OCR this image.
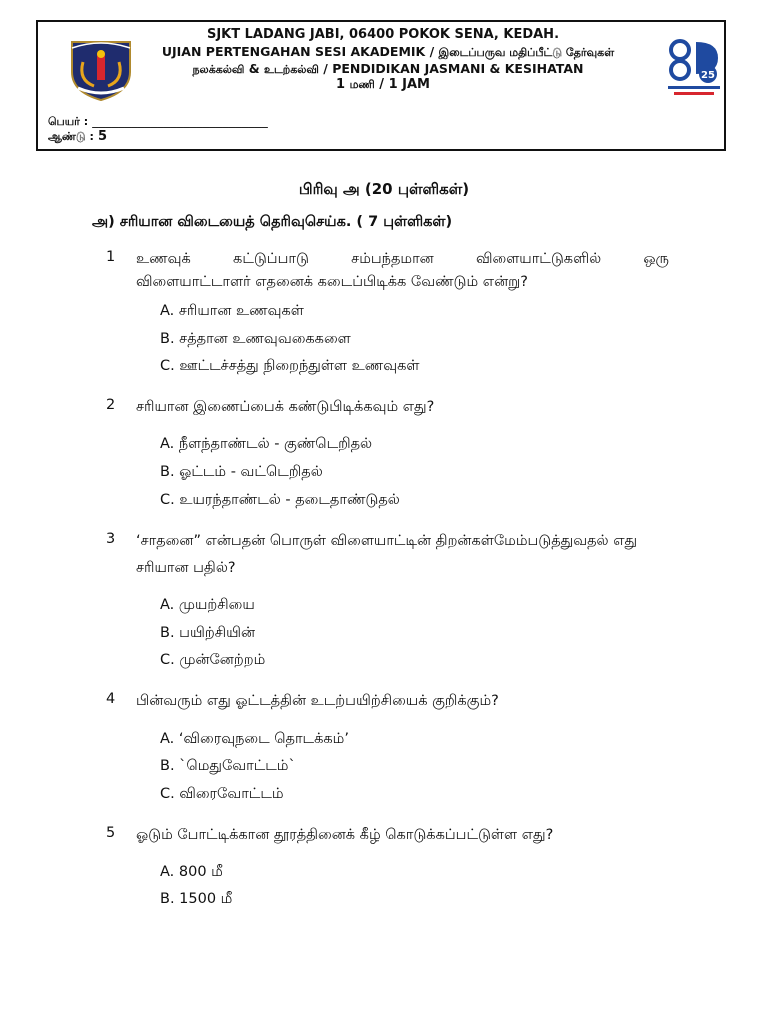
SJKT LADANG JABI, 06400 POKOK SENA, KEDAH.
UJIAN PERTENGAHAN SESI AKADEMIK / இடைப்பருவ மதிப்பீட்டு தேர்வுகள்
நலக்கல்வி & உடற்கல்வி / PENDIDIKAN JASMANI & KESIHATAN
1 மணி / 1 JAM
25
பெயர் : ___________________________
ஆண்டு : 5
பிரிவு அ (20 புள்ளிகள்)
அ) சரியான விடையைத் தெரிவுசெய்க. ( 7 புள்ளிகள்)
1 உணவுக் கட்டுப்பாடு சம்பந்தமான விளையாட்டுகளில் ஒரு
விளையாட்டாளர் எதனைக் கடைப்பிடிக்க வேண்டும் என்று?
A. சரியான உணவுகள்
B. சத்தான உணவுவகைகளை
C. ஊட்டச்சத்து நிறைந்துள்ள உணவுகள்
2 சரியான இணைப்பைக் கண்டுபிடிக்கவும் எது?
A. நீளந்தாண்டல் - குண்டெறிதல்
B. ஓட்டம் - வட்டெறிதல்
C. உயரந்தாண்டல் - தடைதாண்டுதல்
3 ‘சாதனை” என்பதன் பொருள் விளையாட்டின் திறன்கள்மேம்படுத்துவதல் எது
சரியான பதில்?
A. முயற்சியை
B. பயிற்சியின்
C. முன்னேற்றம்
4 பின்வரும் எது ஓட்டத்தின் உடற்பயிற்சியைக் குறிக்கும்?
A. ‘விரைவுநடை தொடக்கம்’
B. `மெதுவோட்டம்`
C. விரைவோட்டம்
5 ஓடும் போட்டிக்கான தூரத்தினைக் கீழ் கொடுக்கப்பட்டுள்ள எது?
A. 800 மீ
B. 1500 மீ
